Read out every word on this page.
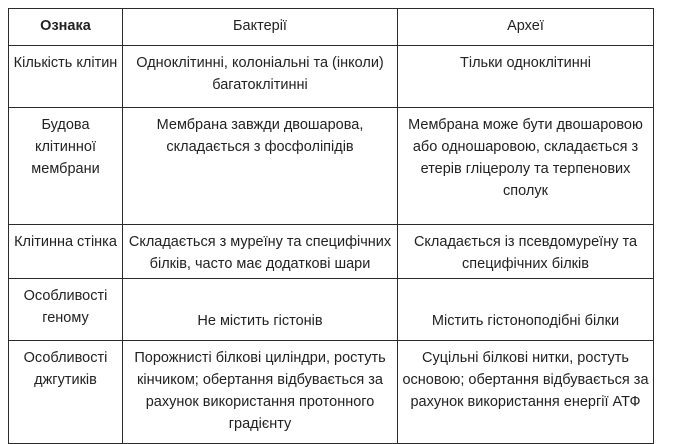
Ознака	Бактерії	Археї
Кількість клітин	Одноклітинні, колоніальні та (інколи) багатоклітинні	Тільки одноклітинні
Будова клітинної мембрани	Мембрана завжди двошарова, складається з фосфоліпідів	Мембрана може бути двошаровою або одношаровою, складається з етерів гліцеролу та терпенових сполук
Клітинна стінка	Складається з муреїну та специфічних білків, часто має додаткові шари	Складається із псевдомуреїну та специфічних білків
Особливості геному	Не містить гістонів	Містить гістоноподібні білки
Особливості джгутиків	Порожнисті білкові циліндри, ростуть кінчиком; обертання відбувається за рахунок використання протонного градієнту	Суцільні білкові нитки, ростуть основою; обертання відбувається за рахунок використання енергії АТФ
